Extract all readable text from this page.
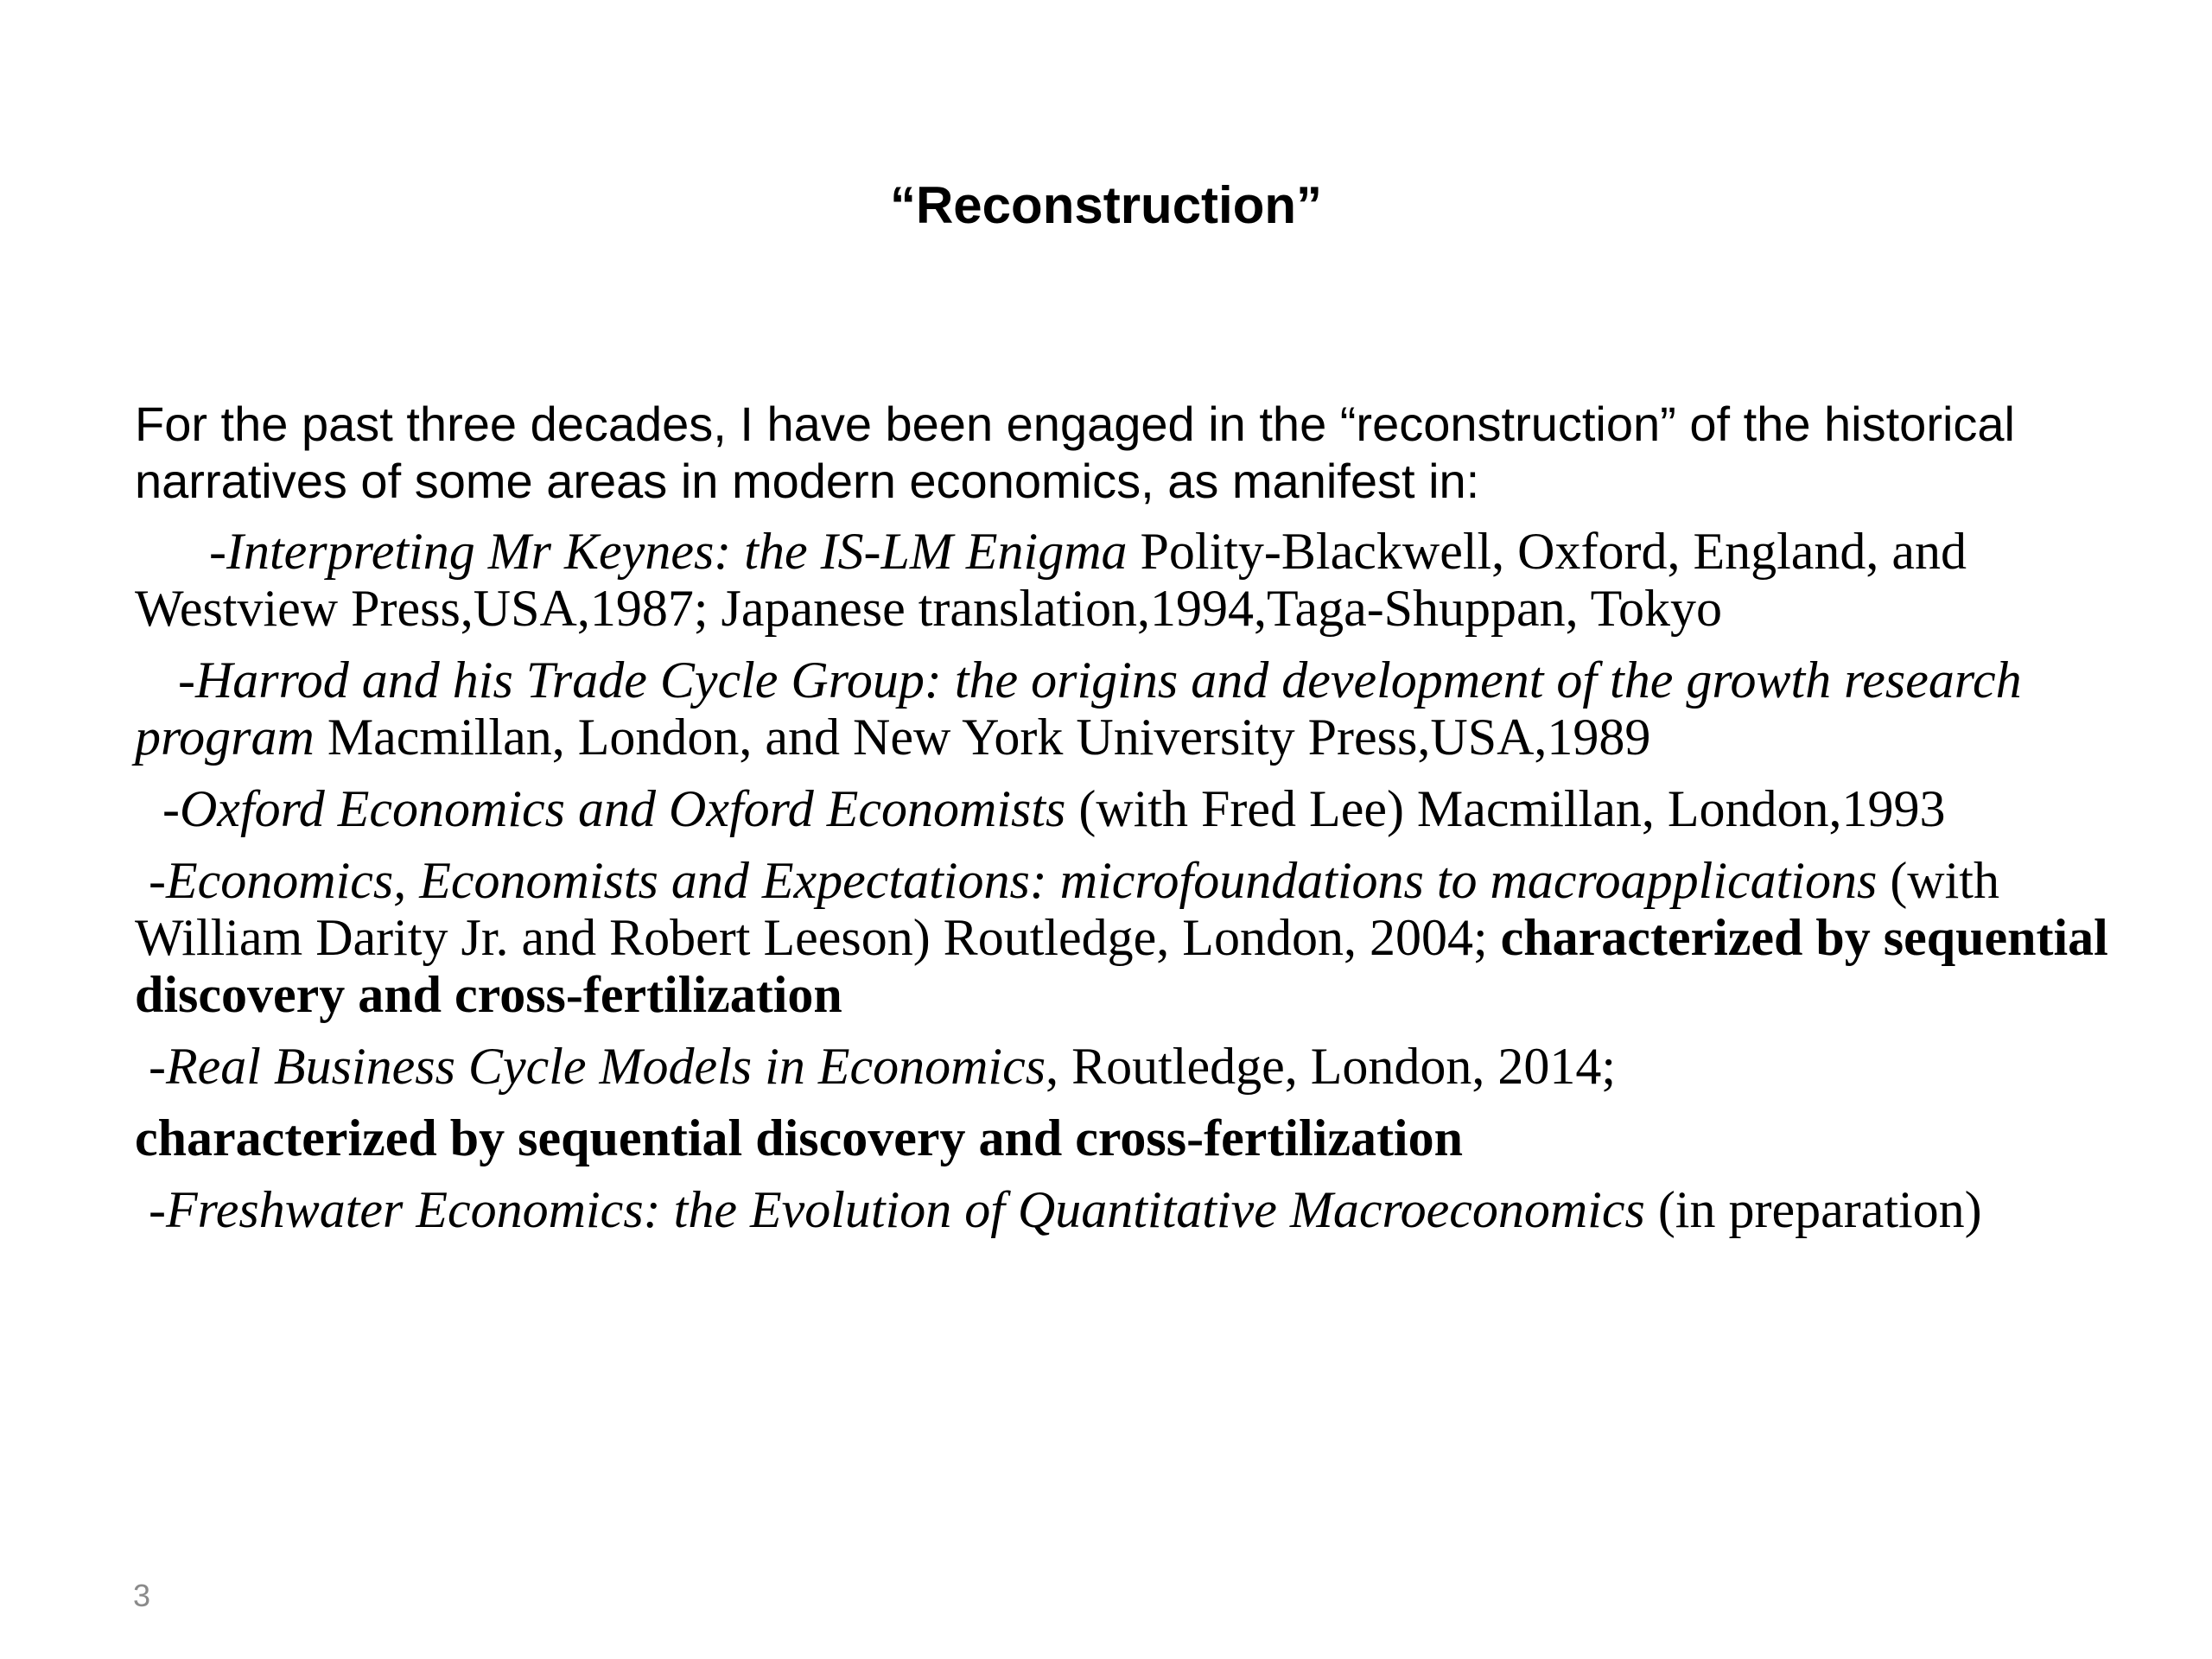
“Reconstruction”

For the past three decades, I have been engaged in the “reconstruction” of the historical narratives of some areas in modern economics, as manifest in:

-Interpreting Mr Keynes: the IS-LM Enigma Polity-Blackwell, Oxford, England, and Westview Press,USA,1987; Japanese translation,1994,Taga-Shuppan, Tokyo

-Harrod and his Trade Cycle Group: the origins and development of the growth research program Macmillan, London, and New York University Press,USA,1989

-Oxford Economics and Oxford Economists (with Fred Lee) Macmillan, London,1993

-Economics, Economists and Expectations: microfoundations to macroapplications (with William Darity Jr. and Robert Leeson) Routledge, London, 2004; characterized by sequential discovery and cross-fertilization

-Real Business Cycle Models in Economics, Routledge, London, 2014;

characterized by sequential discovery and cross-fertilization

-Freshwater Economics: the Evolution of Quantitative Macroeconomics (in preparation)

3
